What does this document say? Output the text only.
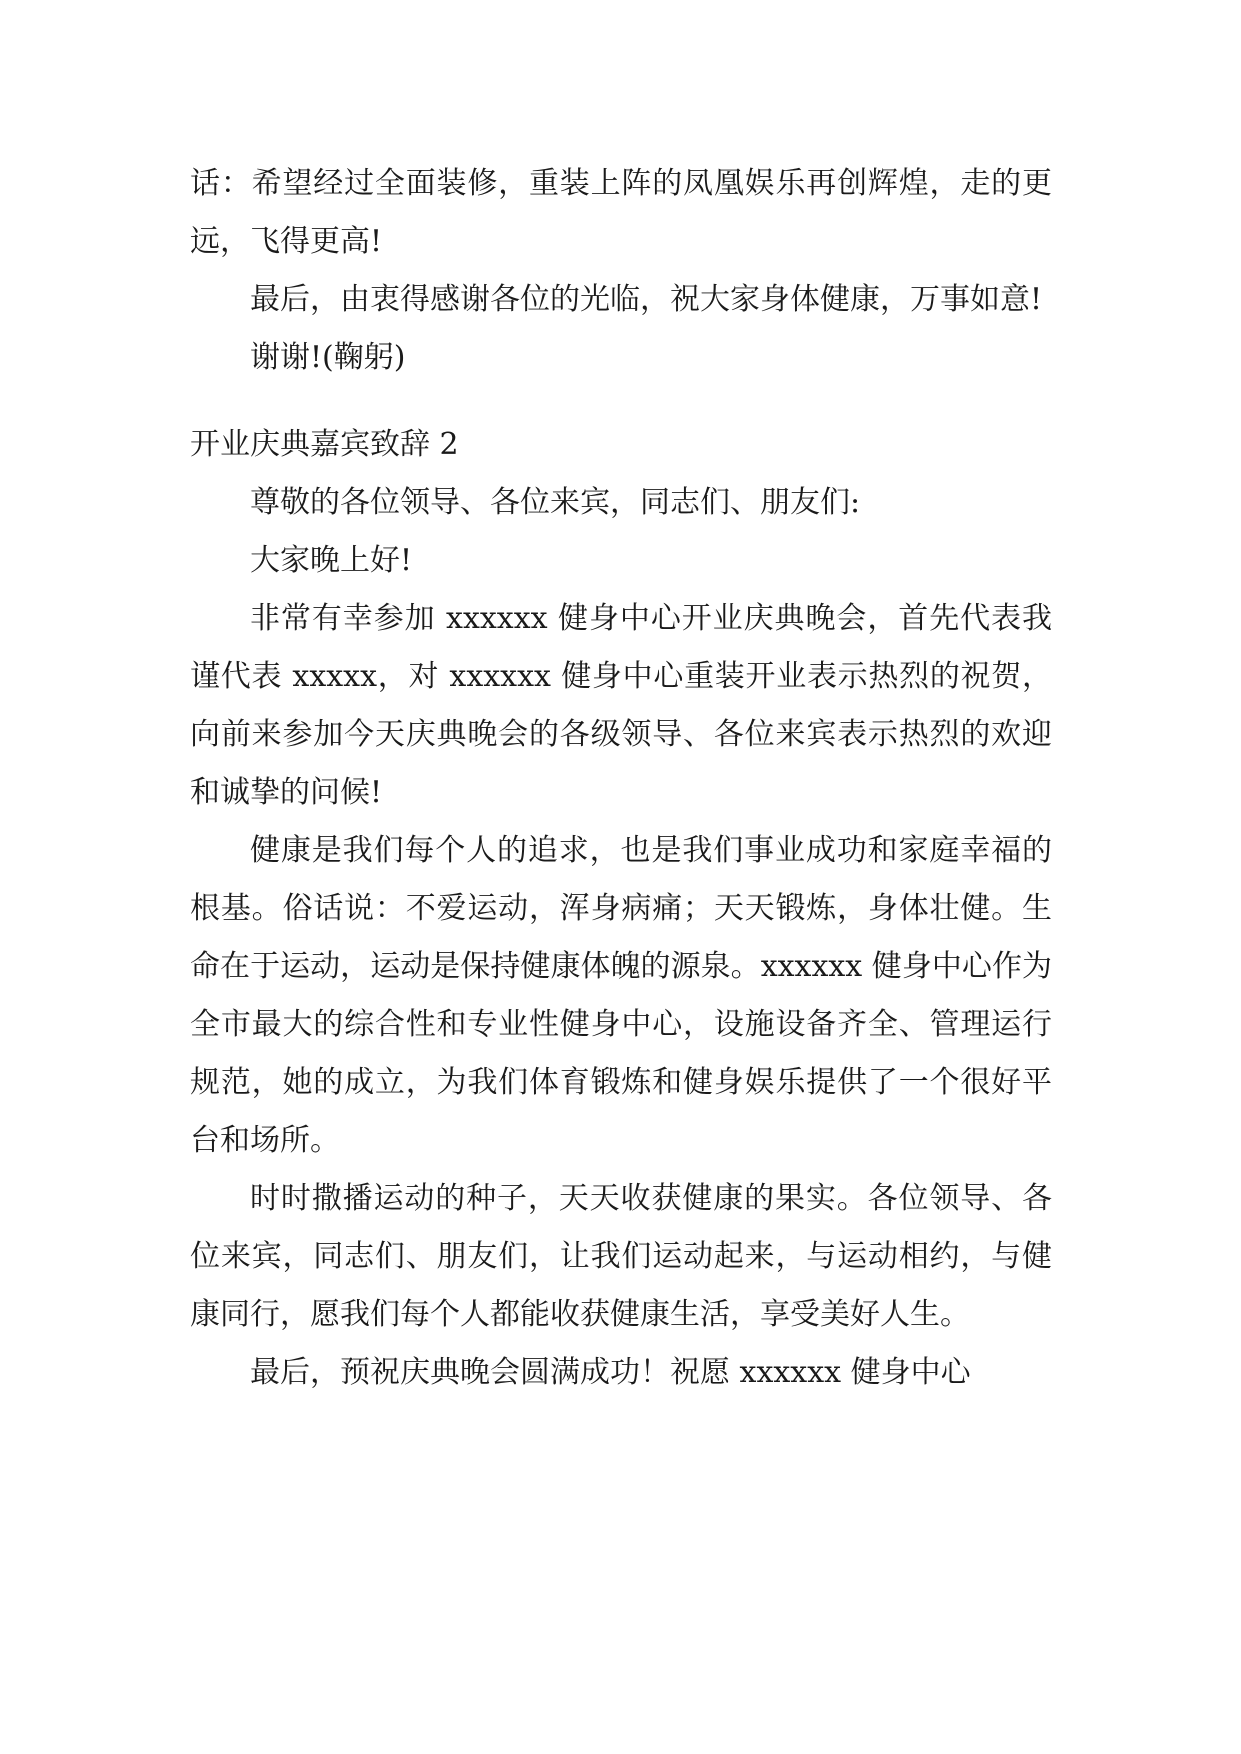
话：希望经过全面装修，重装上阵的凤凰娱乐再创辉煌，走的更远，飞得更高!

最后，由衷得感谢各位的光临，祝大家身体健康，万事如意!

谢谢!(鞠躬)

开业庆典嘉宾致辞 2

尊敬的各位领导、各位来宾，同志们、朋友们:

大家晚上好!

非常有幸参加 xxxxxx 健身中心开业庆典晚会，首先代表我谨代表 xxxxx，对 xxxxxx 健身中心重装开业表示热烈的祝贺，向前来参加今天庆典晚会的各级领导、各位来宾表示热烈的欢迎和诚挚的问候!

健康是我们每个人的追求，也是我们事业成功和家庭幸福的根基。俗话说：不爱运动，浑身病痛；天天锻炼，身体壮健。生命在于运动，运动是保持健康体魄的源泉。xxxxxx 健身中心作为全市最大的综合性和专业性健身中心，设施设备齐全、管理运行规范，她的成立，为我们体育锻炼和健身娱乐提供了一个很好平台和场所。

时时撒播运动的种子，天天收获健康的果实。各位领导、各位来宾，同志们、朋友们，让我们运动起来，与运动相约，与健康同行，愿我们每个人都能收获健康生活，享受美好人生。

最后，预祝庆典晚会圆满成功！祝愿 xxxxxx 健身中心
